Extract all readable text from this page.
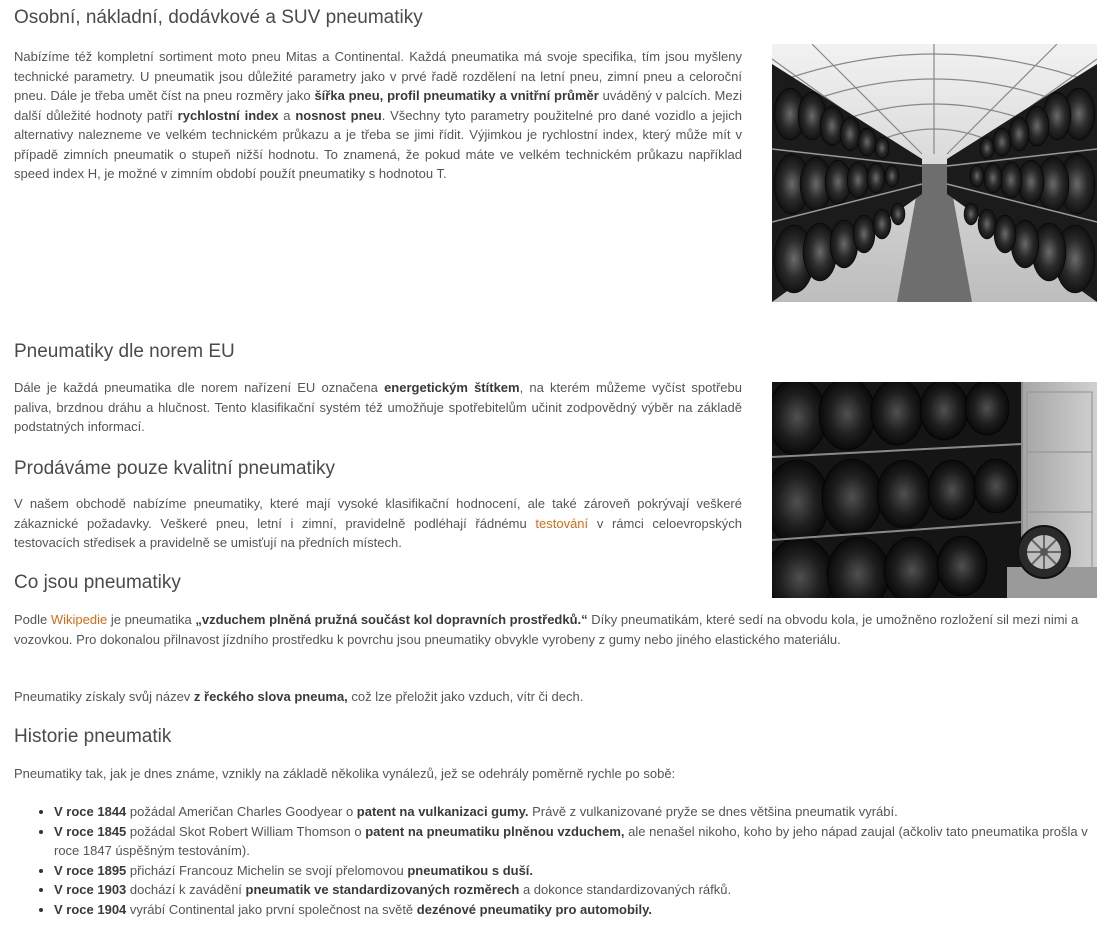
Osobní, nákladní, dodávkové a SUV pneumatiky

Nabízíme též kompletní sortiment moto pneu Mitas a Continental. Každá pneumatika má svoje specifika, tím jsou myšleny technické parametry. U pneumatik jsou důležité parametry jako v prvé řadě rozdělení na letní pneu, zimní pneu a celoroční pneu. Dále je třeba umět číst na pneu rozměry jako šířka pneu, profil pneumatiky a vnitřní průměr uváděný v palcích. Mezi další důležité hodnoty patří rychlostní index a nosnost pneu. Všechny tyto parametry použitelné pro dané vozidlo a jejich alternativy nalezneme ve velkém technickém průkazu a je třeba se jimi řídit. Výjimkou je rychlostní index, který může mít v případě zimních pneumatik o stupeň nižší hodnotu. To znamená, že pokud máte ve velkém technickém průkazu například speed index H, je možné v zimním období použít pneumatiky s hodnotou T.

Pneumatiky dle norem EU

Dále je každá pneumatika dle norem nařízení EU označena energetickým štítkem, na kterém můžeme vyčíst spotřebu paliva, brzdnou dráhu a hlučnost. Tento klasifikační systém též umožňuje spotřebitelům učinit zodpovědný výběr na základě podstatných informací.

Prodáváme pouze kvalitní pneumatiky

V našem obchodě nabízíme pneumatiky, které mají vysoké klasifikační hodnocení, ale také zároveň pokrývají veškeré zákaznické požadavky. Veškeré pneu, letní i zimní, pravidelně podléhají řádnému testování v rámci celoevropských testovacích středisek a pravidelně se umisťují na předních místech.

Co jsou pneumatiky

Podle Wikipedie je pneumatika „vzduchem plněná pružná součást kol dopravních prostředků.“ Díky pneumatikám, které sedí na obvodu kola, je umožněno rozložení sil mezi nimi a vozovkou. Pro dokonalou přilnavost jízdního prostředku k povrchu jsou pneumatiky obvykle vyrobeny z gumy nebo jiného elastického materiálu.

Pneumatiky získaly svůj název z řeckého slova pneuma, což lze přeložit jako vzduch, vítr či dech.

Historie pneumatik

Pneumatiky tak, jak je dnes známe, vznikly na základě několika vynálezů, jež se odehrály poměrně rychle po sobě:

• V roce 1844 požádal Američan Charles Goodyear o patent na vulkanizaci gumy. Právě z vulkanizované pryže se dnes většina pneumatik vyrábí.
• V roce 1845 požádal Skot Robert William Thomson o patent na pneumatiku plněnou vzduchem, ale nenašel nikoho, koho by jeho nápad zaujal (ačkoliv tato pneumatika prošla v roce 1847 úspěšným testováním).
• V roce 1895 přichází Francouz Michelin se svojí přelomovou pneumatikou s duší.
• V roce 1903 dochází k zavádění pneumatik ve standardizovaných rozměrech a dokonce standardizovaných ráfků.
• V roce 1904 vyrábí Continental jako první společnost na světě dezénové pneumatiky pro automobily.
